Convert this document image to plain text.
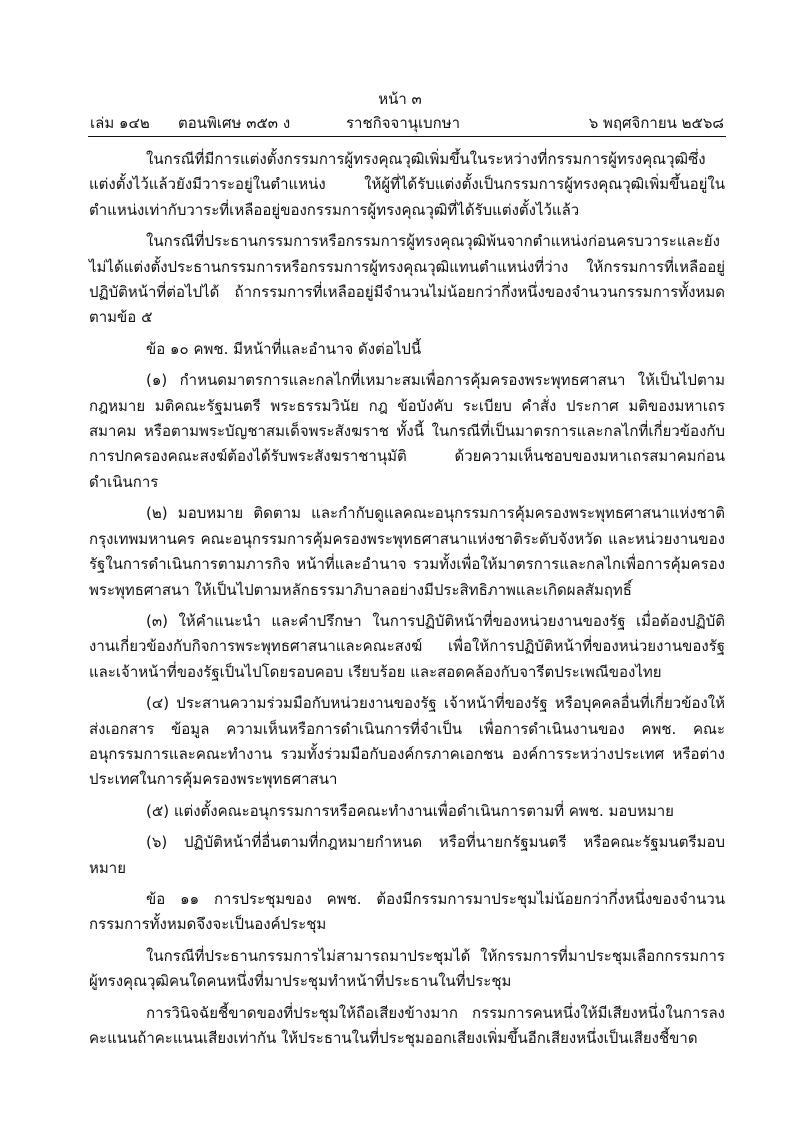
หน้า ๓
เล่ม ๑๔๒ ตอนพิเศษ ๓๕๓ ง	ราชกิจจานุเบกษา	๖ พฤศจิกายน ๒๕๖๘

ในกรณีที่มีการแต่งตั้งกรรมการผู้ทรงคุณวุฒิเพิ่มขึ้นในระหว่างที่กรรมการผู้ทรงคุณวุฒิซึ่งแต่งตั้งไว้แล้วยังมีวาระอยู่ในตำแหน่ง ให้ผู้ที่ได้รับแต่งตั้งเป็นกรรมการผู้ทรงคุณวุฒิเพิ่มขึ้นอยู่ในตำแหน่งเท่ากับวาระที่เหลืออยู่ของกรรมการผู้ทรงคุณวุฒิที่ได้รับแต่งตั้งไว้แล้ว

ในกรณีที่ประธานกรรมการหรือกรรมการผู้ทรงคุณวุฒิพ้นจากตำแหน่งก่อนครบวาระและยังไม่ได้แต่งตั้งประธานกรรมการหรือกรรมการผู้ทรงคุณวุฒิแทนตำแหน่งที่ว่าง ให้กรรมการที่เหลืออยู่ปฏิบัติหน้าที่ต่อไปได้ ถ้ากรรมการที่เหลืออยู่มีจำนวนไม่น้อยกว่ากึ่งหนึ่งของจำนวนกรรมการทั้งหมดตามข้อ ๕

ข้อ ๑๐ คพช. มีหน้าที่และอำนาจ ดังต่อไปนี้

(๑) กำหนดมาตรการและกลไกที่เหมาะสมเพื่อการคุ้มครองพระพุทธศาสนา ให้เป็นไปตามกฎหมาย มติคณะรัฐมนตรี พระธรรมวินัย กฎ ข้อบังคับ ระเบียบ คำสั่ง ประกาศ มติของมหาเถรสมาคม หรือตามพระบัญชาสมเด็จพระสังฆราช ทั้งนี้ ในกรณีที่เป็นมาตรการและกลไกที่เกี่ยวข้องกับการปกครองคณะสงฆ์ต้องได้รับพระสังฆราชานุมัติ ด้วยความเห็นชอบของมหาเถรสมาคมก่อนดำเนินการ

(๒) มอบหมาย ติดตาม และกำกับดูแลคณะอนุกรรมการคุ้มครองพระพุทธศาสนาแห่งชาติกรุงเทพมหานคร คณะอนุกรรมการคุ้มครองพระพุทธศาสนาแห่งชาติระดับจังหวัด และหน่วยงานของรัฐในการดำเนินการตามภารกิจ หน้าที่และอำนาจ รวมทั้งเพื่อให้มาตรการและกลไกเพื่อการคุ้มครองพระพุทธศาสนา ให้เป็นไปตามหลักธรรมาภิบาลอย่างมีประสิทธิภาพและเกิดผลสัมฤทธิ์

(๓) ให้คำแนะนำ และคำปรึกษา ในการปฏิบัติหน้าที่ของหน่วยงานของรัฐ เมื่อต้องปฏิบัติงานเกี่ยวข้องกับกิจการพระพุทธศาสนาและคณะสงฆ์ เพื่อให้การปฏิบัติหน้าที่ของหน่วยงานของรัฐและเจ้าหน้าที่ของรัฐเป็นไปโดยรอบคอบ เรียบร้อย และสอดคล้องกับจารีตประเพณีของไทย

(๔) ประสานความร่วมมือกับหน่วยงานของรัฐ เจ้าหน้าที่ของรัฐ หรือบุคคลอื่นที่เกี่ยวข้องให้ส่งเอกสาร ข้อมูล ความเห็นหรือการดำเนินการที่จำเป็น เพื่อการดำเนินงานของ คพช. คณะอนุกรรมการและคณะทำงาน รวมทั้งร่วมมือกับองค์กรภาคเอกชน องค์การระหว่างประเทศ หรือต่างประเทศในการคุ้มครองพระพุทธศาสนา

(๕) แต่งตั้งคณะอนุกรรมการหรือคณะทำงานเพื่อดำเนินการตามที่ คพช. มอบหมาย

(๖) ปฏิบัติหน้าที่อื่นตามที่กฎหมายกำหนด หรือที่นายกรัฐมนตรี หรือคณะรัฐมนตรีมอบหมาย

ข้อ ๑๑ การประชุมของ คพช. ต้องมีกรรมการมาประชุมไม่น้อยกว่ากึ่งหนึ่งของจำนวนกรรมการทั้งหมดจึงจะเป็นองค์ประชุม

ในกรณีที่ประธานกรรมการไม่สามารถมาประชุมได้ ให้กรรมการที่มาประชุมเลือกกรรมการผู้ทรงคุณวุฒิคนใดคนหนึ่งที่มาประชุมทำหน้าที่ประธานในที่ประชุม

การวินิจฉัยชี้ขาดของที่ประชุมให้ถือเสียงข้างมาก กรรมการคนหนึ่งให้มีเสียงหนึ่งในการลงคะแนนถ้าคะแนนเสียงเท่ากัน ให้ประธานในที่ประชุมออกเสียงเพิ่มขึ้นอีกเสียงหนึ่งเป็นเสียงชี้ขาด
